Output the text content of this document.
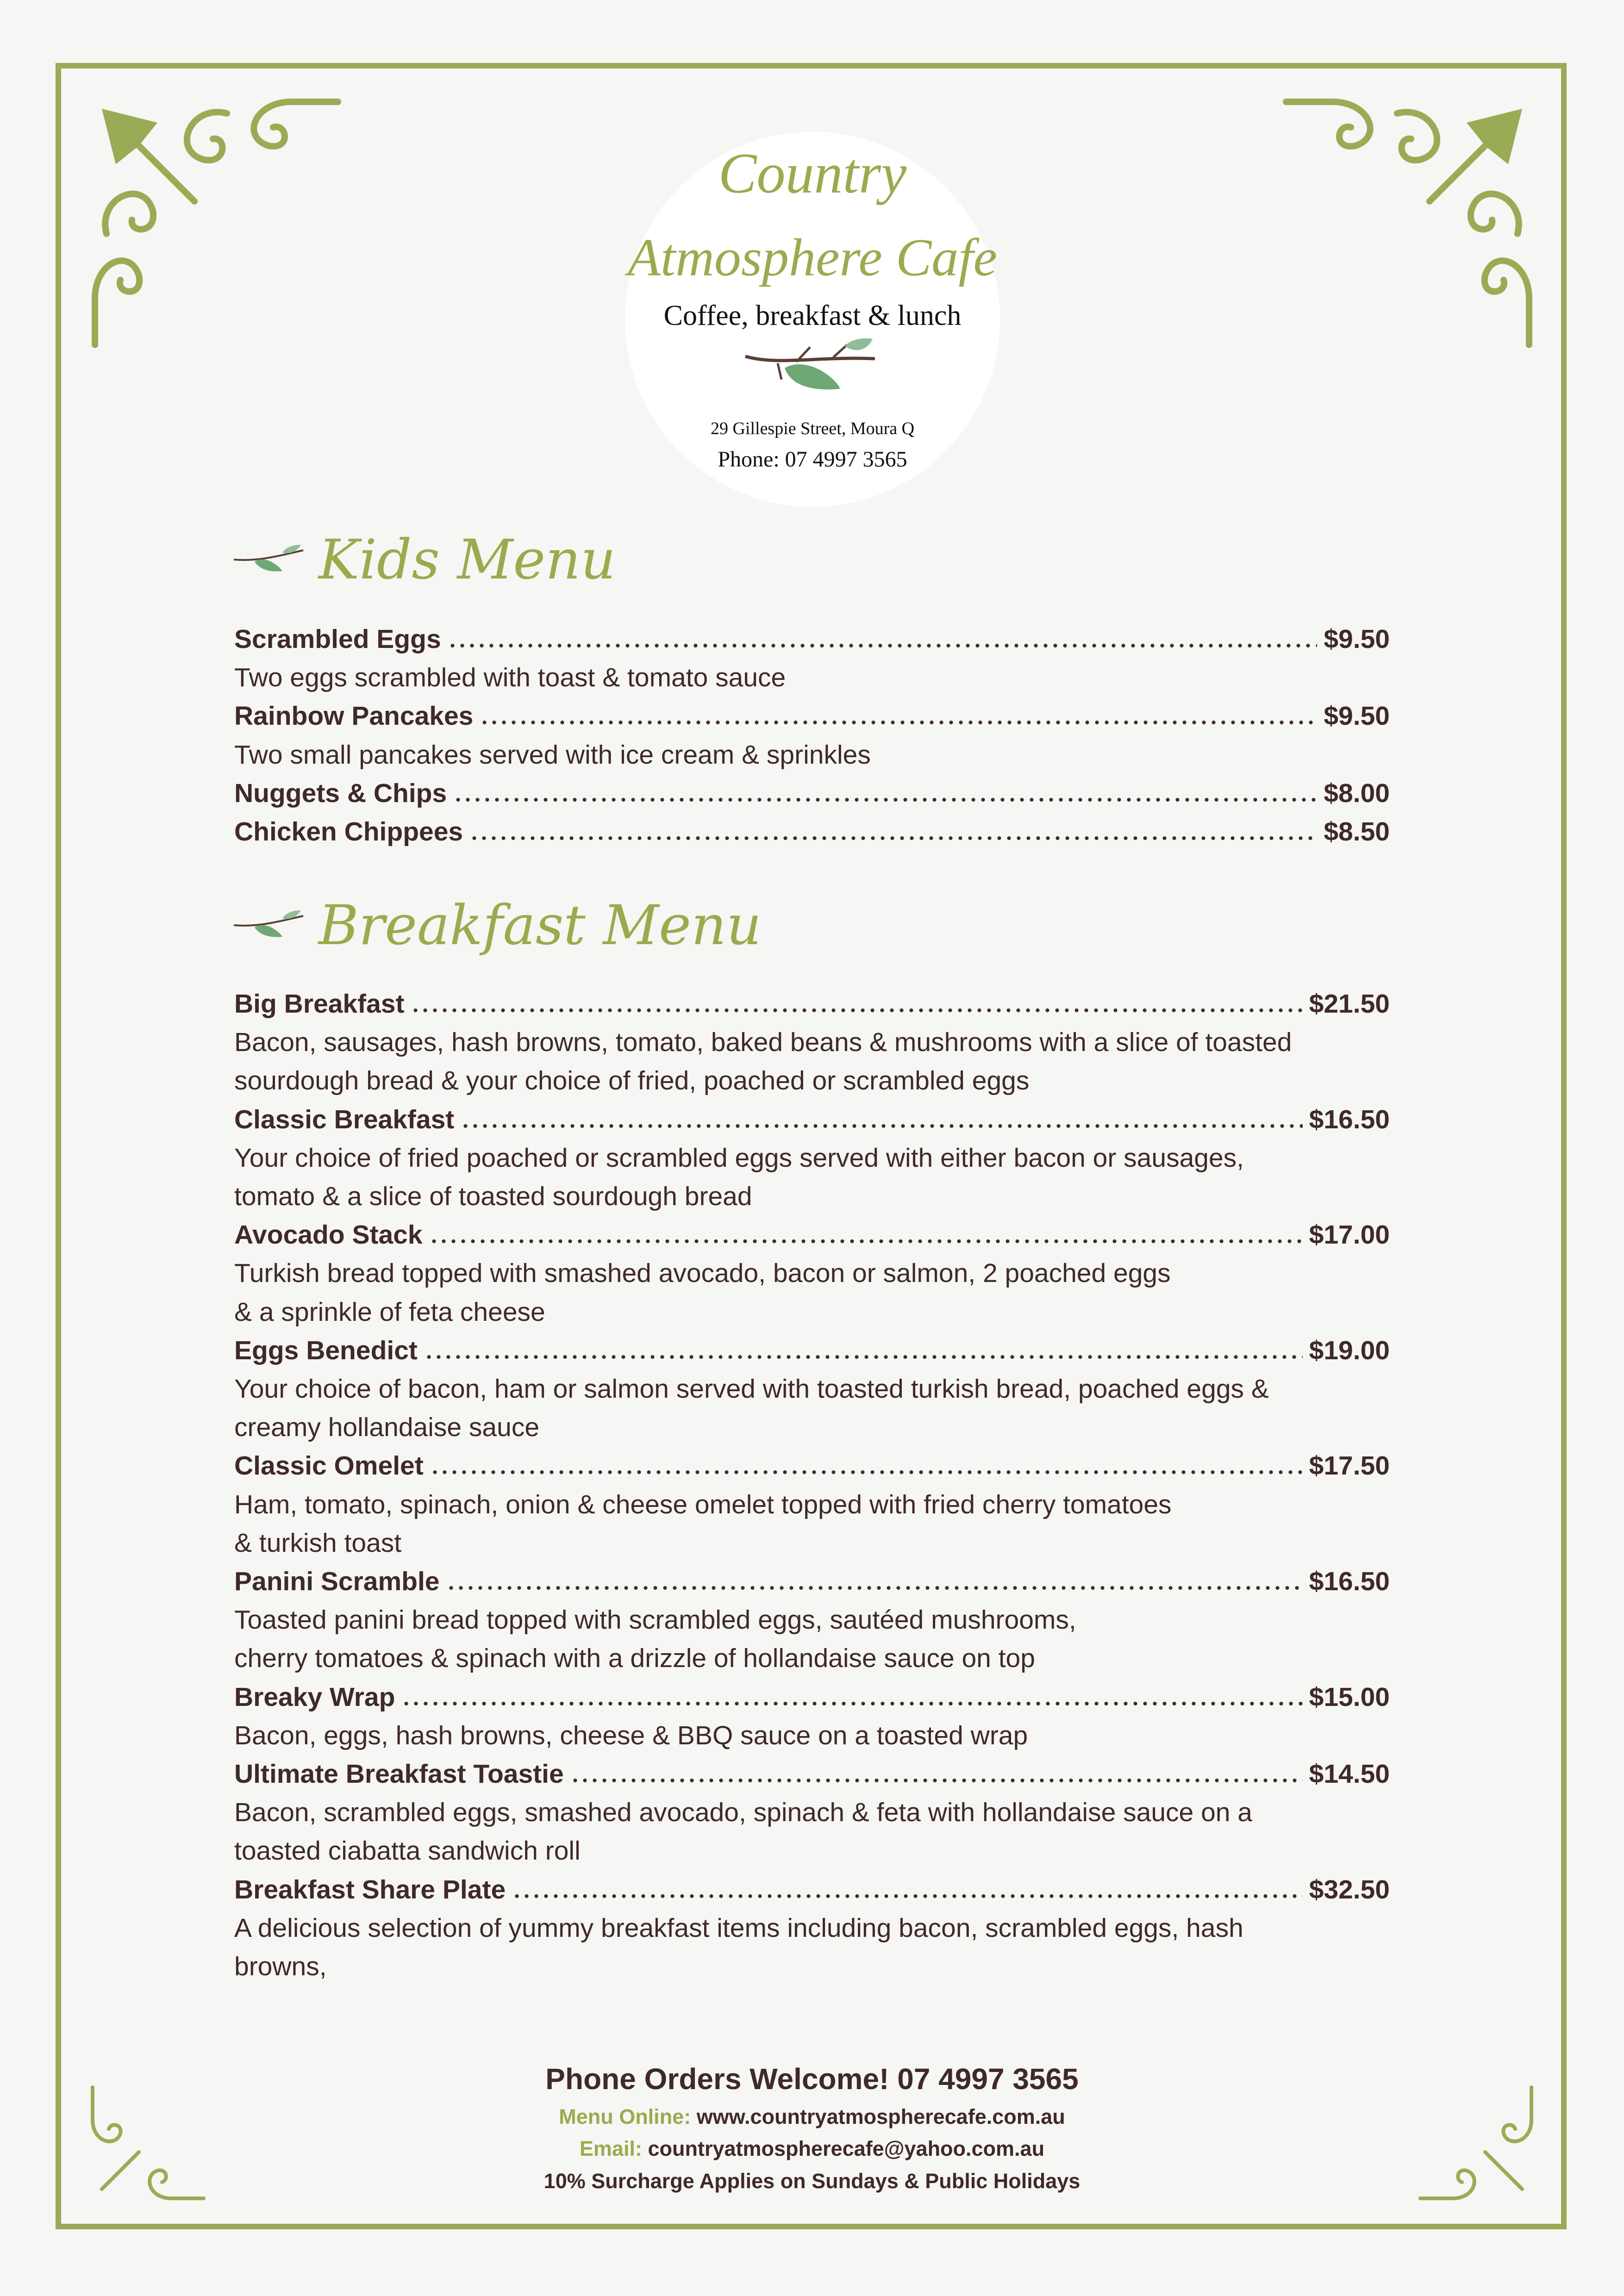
Country
Atmosphere Cafe
Coffee, breakfast & lunch
29 Gillespie Street, Moura Q
Phone: 07 4997 3565
Kids Menu
Scrambled Eggs	$9.50
Two eggs scrambled with toast & tomato sauce
Rainbow Pancakes	$9.50
Two small pancakes served with ice cream & sprinkles
Nuggets & Chips	$8.00
Chicken Chippees	$8.50
Breakfast Menu
Big Breakfast	$21.50
Bacon, sausages, hash browns, tomato, baked beans & mushrooms with a slice of toasted
sourdough bread & your choice of fried, poached or scrambled eggs
Classic Breakfast	$16.50
Your choice of fried poached or scrambled eggs served with either bacon or sausages,
tomato & a slice of toasted sourdough bread
Avocado Stack	$17.00
Turkish bread topped with smashed avocado, bacon or salmon, 2 poached eggs
& a sprinkle of feta cheese
Eggs Benedict	$19.00
Your choice of bacon, ham or salmon served with toasted turkish bread, poached eggs &
creamy hollandaise sauce
Classic Omelet	$17.50
Ham, tomato, spinach, onion & cheese omelet topped with fried cherry tomatoes
& turkish toast
Panini Scramble	$16.50
Toasted panini bread topped with scrambled eggs, sautéed mushrooms,
cherry tomatoes & spinach with a drizzle of hollandaise sauce on top
Breaky Wrap	$15.00
Bacon, eggs, hash browns, cheese & BBQ sauce on a toasted wrap
Ultimate Breakfast Toastie	$14.50
Bacon, scrambled eggs, smashed avocado, spinach & feta with hollandaise sauce on a
toasted ciabatta sandwich roll
Breakfast Share Plate	$32.50
A delicious selection of yummy breakfast items including bacon, scrambled eggs, hash
browns,
Phone Orders Welcome! 07 4997 3565
Menu Online: www.countryatmospherecafe.com.au
Email: countryatmospherecafe@yahoo.com.au
10% Surcharge Applies on Sundays & Public Holidays
